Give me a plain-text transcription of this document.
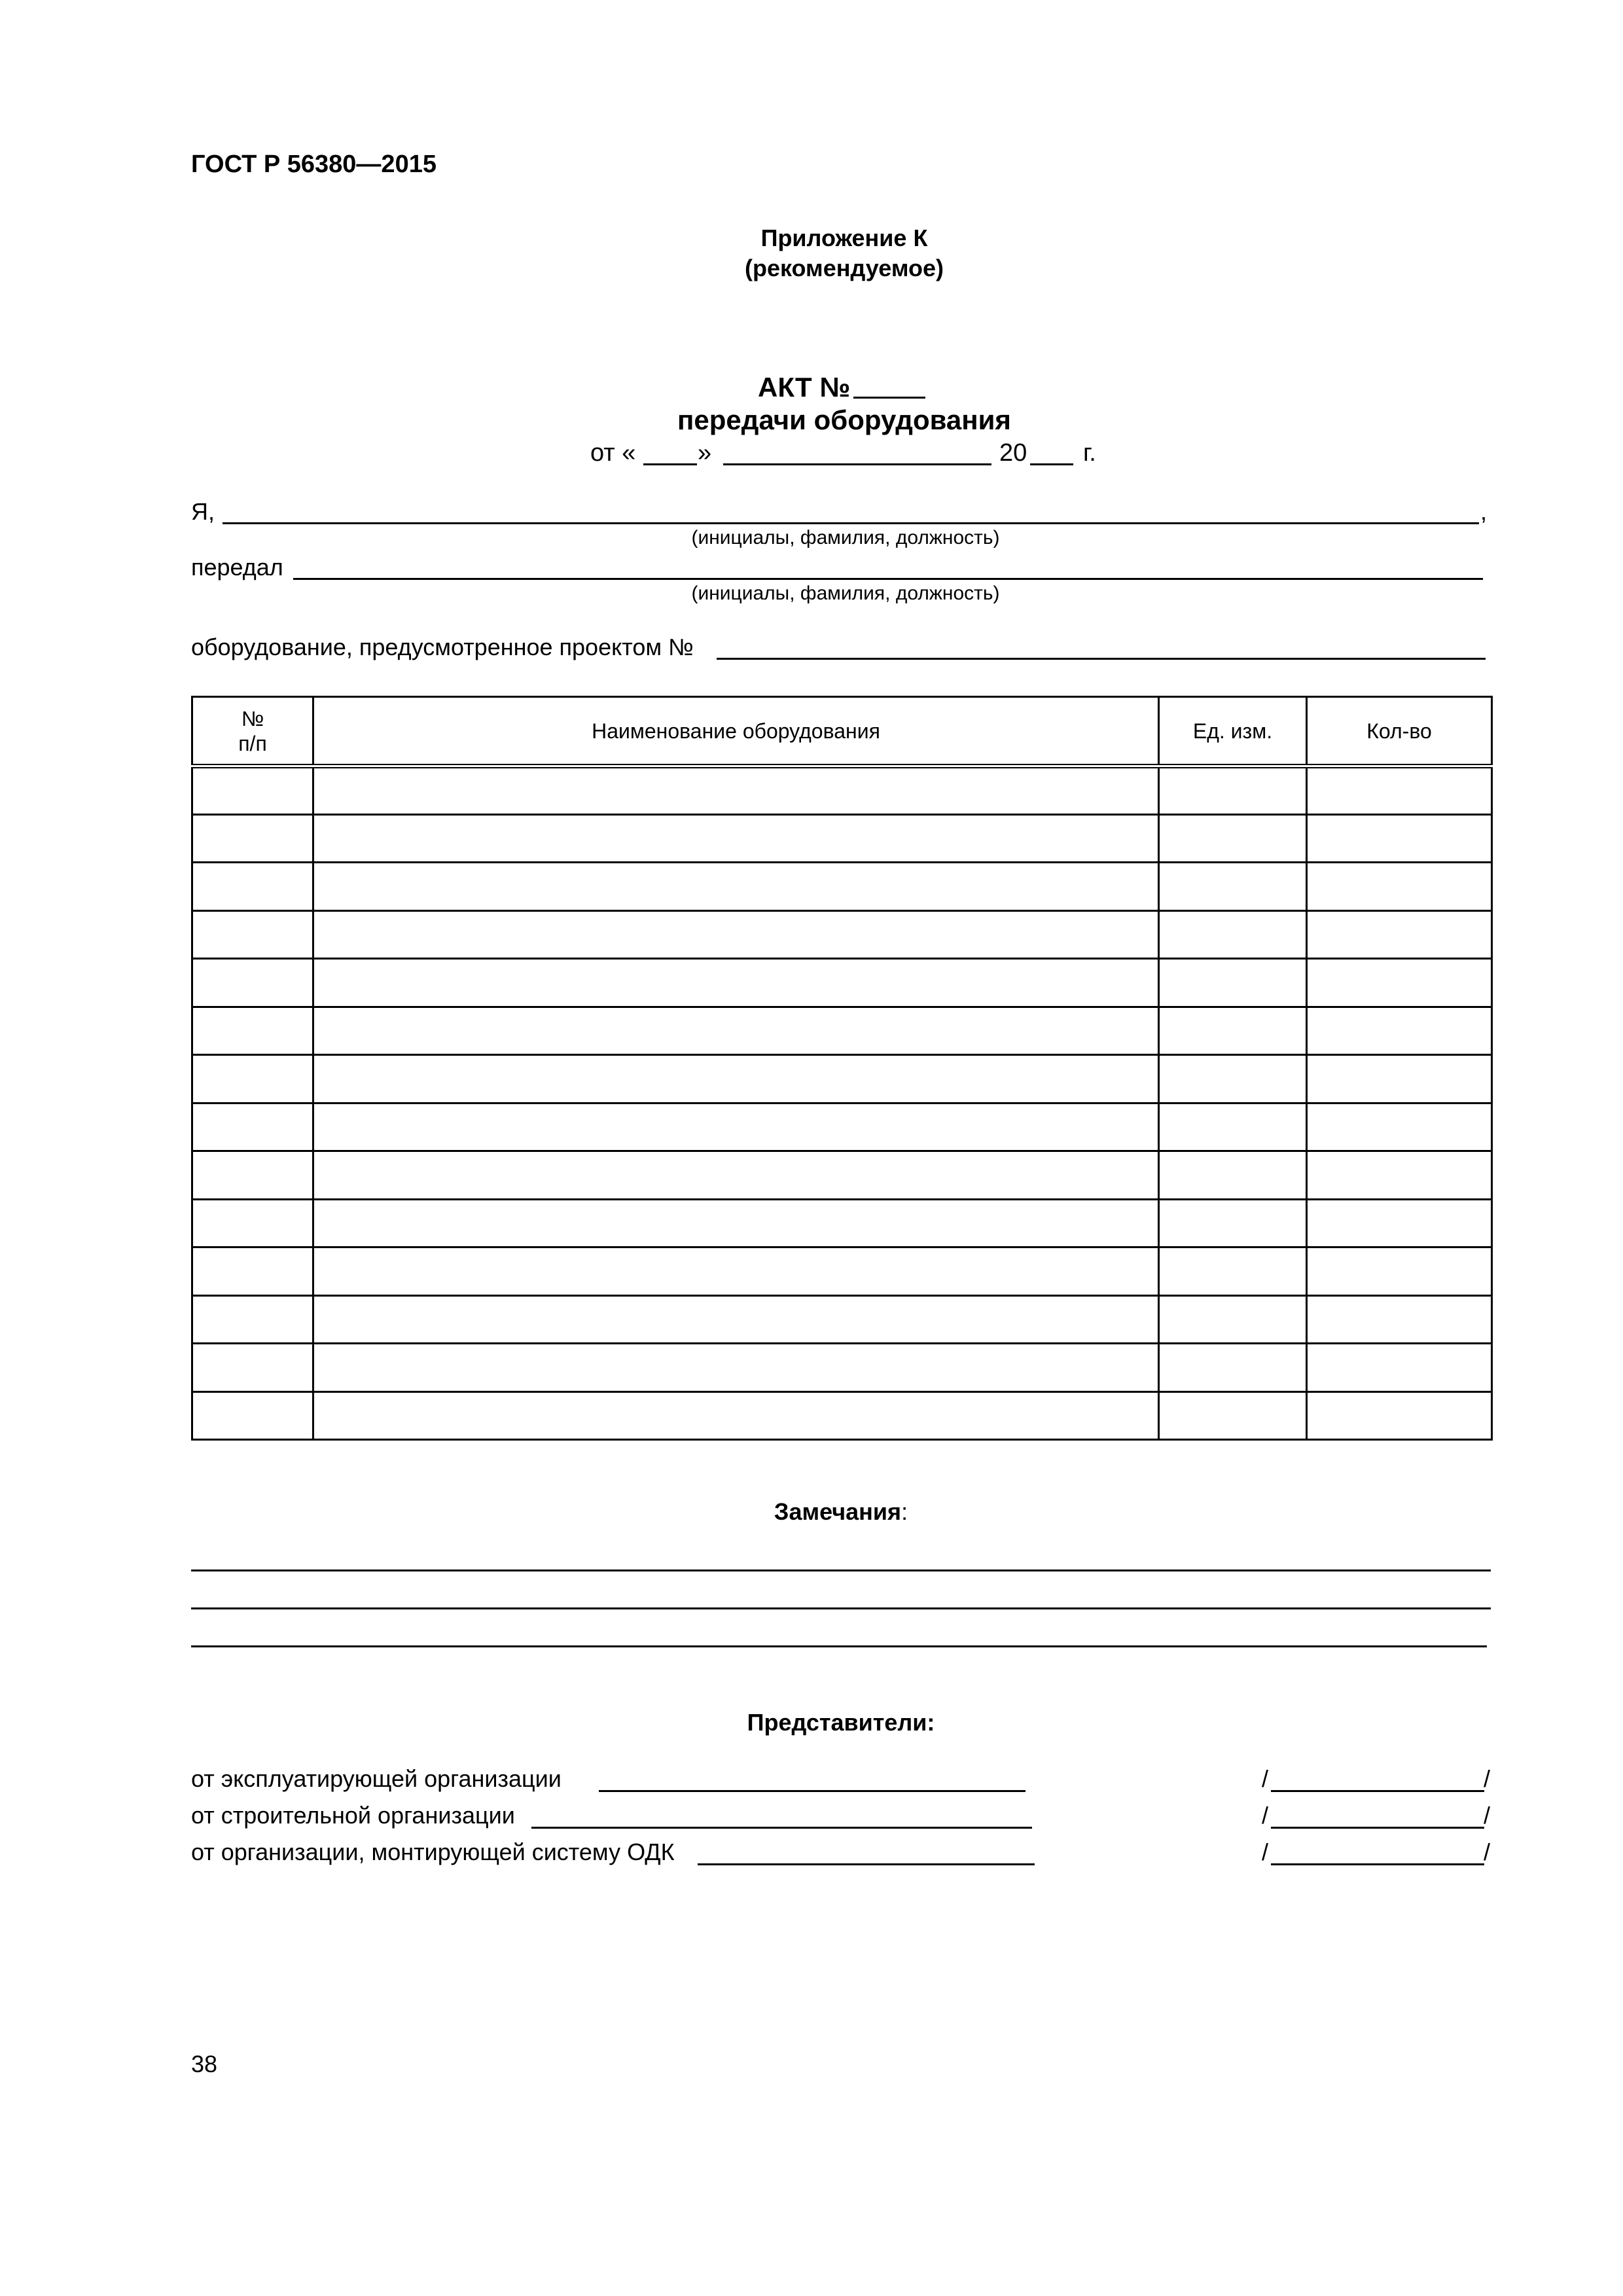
ГОСТ Р 56380—2015
Приложение К
(рекомендуемое)
АКТ №
передачи оборудования
от « »	20 г.
Я,	,
(инициалы, фамилия, должность)
передал
(инициалы, фамилия, должность)
оборудование, предусмотренное проектом №
№
п/п	Наименование оборудования	Ед. изм.	Кол-во

Замечания:
Представители:
от эксплуатирующей организации	/	/
от строительной организации	/	/
от организации, монтирующей систему ОДК	/	/
38
